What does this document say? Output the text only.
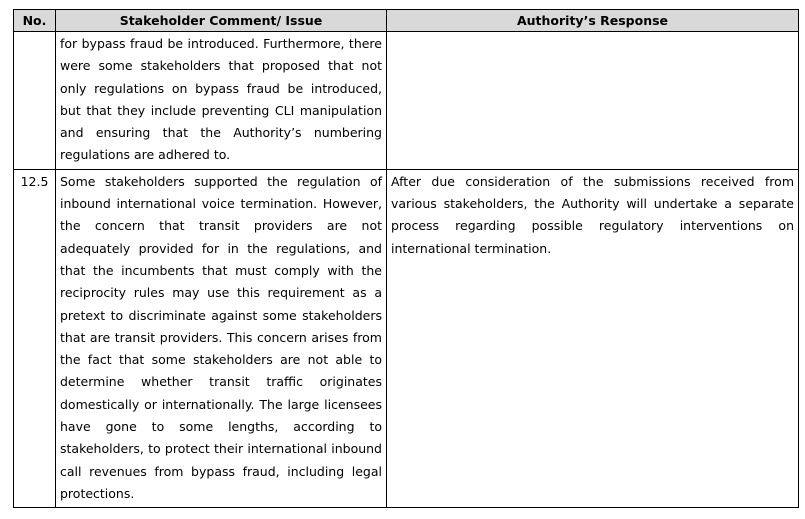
No.	Stakeholder Comment/ Issue	Authority’s Response
	for bypass fraud be introduced. Furthermore, there were some stakeholders that proposed that not only regulations on bypass fraud be introduced, but that they include preventing CLI manipulation and ensuring that the Authority’s numbering regulations are adhered to.	
12.5	Some stakeholders supported the regulation of inbound international voice termination. However, the concern that transit providers are not adequately provided for in the regulations, and that the incumbents that must comply with the reciprocity rules may use this requirement as a pretext to discriminate against some stakeholders that are transit providers. This concern arises from the fact that some stakeholders are not able to determine whether transit traffic originates domestically or internationally. The large licensees have gone to some lengths, according to stakeholders, to protect their international inbound call revenues from bypass fraud, including legal protections.	After due consideration of the submissions received from various stakeholders, the Authority will undertake a separate process regarding possible regulatory interventions on international termination.
